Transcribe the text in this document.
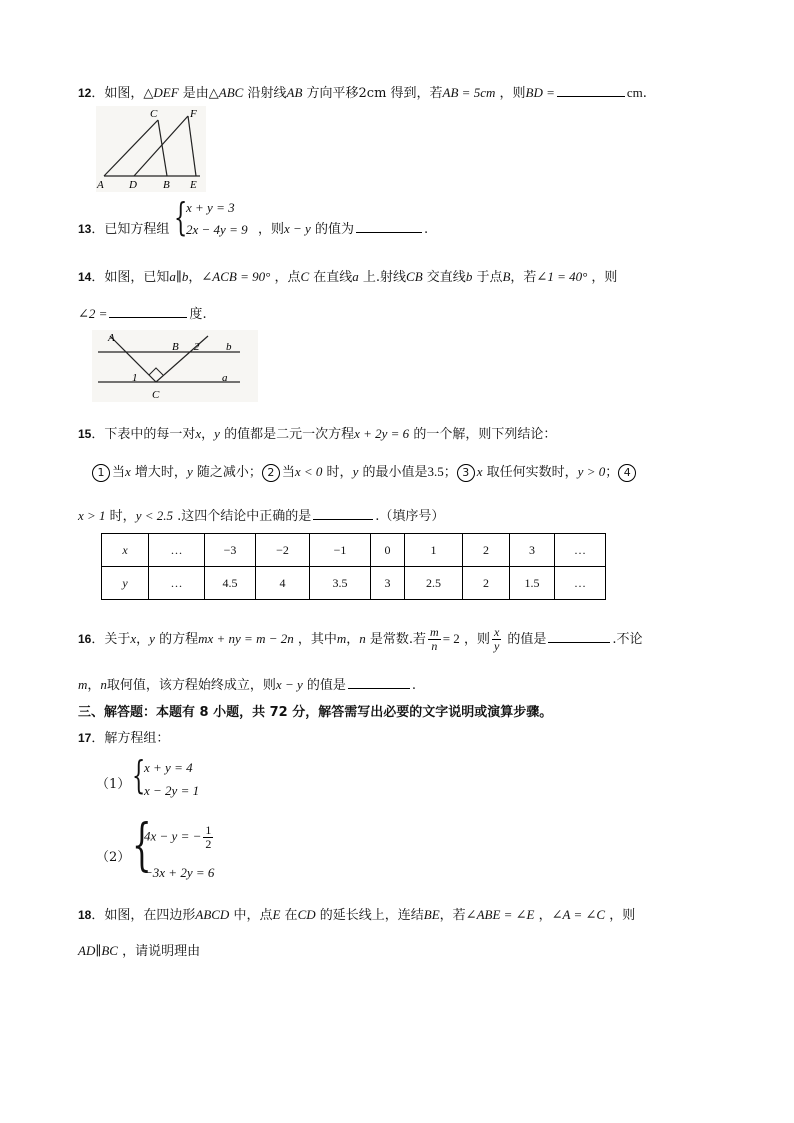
12．如图，△DEF 是由△ABC 沿射线AB 方向平移2cm 得到，若AB = 5cm ，则BD =	cm.
A D B E
C	F
13．已知方程组 {
x + y = 3
2x − 4y = 9 ，则x − y 的值为	.
14．如图，已知a∥b，∠ACB = 90° ，点C 在直线a 上.射线CB 交直线b 于点B，若∠1 = 40° ，则
∠2 =	度.
A
B 2 b
1	a
C
15．下表中的每一对x，y 的值都是二元一次方程x + 2y = 6 的一个解，则下列结论：
1 当x 增大时，y 随之减小； 2 当x < 0 时，y 的最小值是3.5； 3 x 取任何实数时，y > 0； 4
x > 1 时，y < 2.5 .这四个结论中正确的是	.（填序号）
x	…	−3	−2	−1	0	1	2	3	…
y	…	4.5	4	3.5	3	2.5	2	1.5	…
16．关于x，y 的方程mx + ny = m − 2n ，其中m，n 是常数.若 $\frac{m}{n} = 2$ ，则 $\frac{x}{y}$ 的值是	.不论
m，n取何值，该方程始终成立，则x − y 的值是	.
三、解答题：本题有 8 小题，共 72 分，解答需写出必要的文字说明或演算步骤。
17．解方程组：
（1） {
x + y = 4
x − 2y = 1
（2） {
4x − y = − $\frac{1}{2}$
−3x + 2y = 6
18．如图，在四边形ABCD 中，点E 在CD 的延长线上，连结BE，若∠ABE = ∠E ，∠A = ∠C ，则
AD∥BC ，请说明理由
